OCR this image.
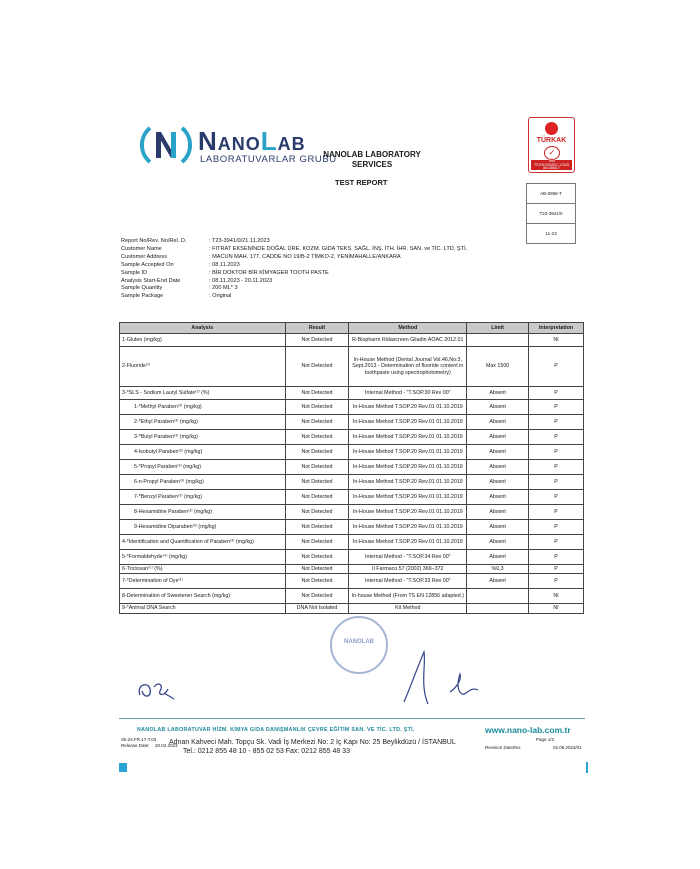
NANOLAB
LABORATUVARLAR GRUBU
NANOLAB LABORATORY
SERVICES
TEST REPORT
TÜRKAK
✓
Test
TS EN ISO/IEC 17025
AB-0866-T
AB-0866-T
T23-3941/0
11-23
Report No/Rev. No/Rel. D.	: T23-3941/0/21.11.2023
Customer Name	: FITRAT EKSENİNDE DOĞAL ÜRE. KOZM. GIDA TEKS. SAĞL. İNŞ. İTH. İHR. SAN. ve TİC. LTD. ŞTİ.
Customer Address	: MACUN MAH. 177. CADDE NO 19/B-2 TİMKO-2, YENİMAHALLE/ANKARA
Sample Accepted On	: 08.11.2023
Sample ID	: BİR DOKTOR BİR KİMYAGER TOOTH PASTE
Analysis Start-End Date	: 08.11.2023 - 20.11.2023
Sample Quantity	: 200 ML* 3
Sample Package	: Original
Analysis	Result	Method	Limit	Interpretation
1-Gluten (mg/kg)	Not Detected	R-Biopharm Ridascreen Gliadin AOAC 2012.01		NI
2-Fluoride⁽¹⁾	Not Detected	In-House Method (Dental Journal Vol.46,No:3, Sept.2013 - Determination of fluoride content in toothpaste using spectrophotometry)	Max 1500	P
3-*SLS - Sodium Lauryl Sulfate⁽²⁾ (%)	Not Detected	Internal Method - "T.SOP.30 Rev 00"	Absent	P
1-*Methyl Paraben⁽³⁾ (mg/kg)	Not Detected	In-House Method T.SOP.20 Rev.01 01.10.2019	Absent	P
2-*Ethyl Paraben⁽³⁾ (mg/kg)	Not Detected	In-House Method T.SOP.20 Rev.01 01.10.2019	Absent	P
3-*Butyl Paraben⁽³⁾ (mg/kg)	Not Detected	In-House Method T.SOP.20 Rev.01 01.10.2019	Absent	P
4-Isobutyl Paraben⁽³⁾ (mg/kg)	Not Detected	In-House Method T.SOP.20 Rev.01 01.10.2019	Absent	P
5-*Propyl Paraben⁽³⁾ (mg/kg)	Not Detected	In-House Method T.SOP.20 Rev.01 01.10.2019	Absent	P
6-n-Propyl Paraben⁽³⁾ (mg/kg)	Not Detected	In-House Method T.SOP.20 Rev.01 01.10.2019	Absent	P
7-*Benzyl Paraben⁽³⁾ (mg/kg)	Not Detected	In-House Method T.SOP.20 Rev.01 01.10.2019	Absent	P
8-Hexamidine Paraben⁽³⁾ (mg/kg)	Not Detected	In-House Method T.SOP.20 Rev.01 01.10.2019	Absent	P
9-Hexamidine Diparaben⁽³⁾ (mg/kg)	Not Detected	In-House Method T.SOP.20 Rev.01 01.10.2019	Absent	P
4-*Identification and Quantification of Paraben⁽³⁾ (mg/kg)	Not Detected	In-House Method T.SOP.20 Rev.01 01.10.2019	Absent	P
5-*Formaldehyde⁽⁴⁾ (mg/kg)	Not Detected	Internal Method - "T.SOP.34 Rev 00"	Absent	P
6-Triclosan⁽⁵⁾ (%)	Not Detected	Il Farmaco 57 (2002) 369–372	%0,3	P
7-*Determination of Dye⁽¹⁾	Not Detected	Internal Method - "T.SOP.33 Rev 00"	Absent	P
8-Determination of Sweetener Search (mg/kg)	Not Detected	In-house Method (From TS EN 12856 adapted.)		NI
9-*Animal DNA Search	DNA Not Isolated	Kit Method		NI
NANOLAB
NANOLAB LABORATUVAR HİZM. KİMYA GIDA DANIŞMANLIK ÇEVRE EĞİTİM SAN. VE TİC. LTD. ŞTİ.	www.nano-lab.com.tr
Sk-24.FR.17-T.03
Release Date:	20.04.2023
Adnan Kahveci Mah. Topçu Sk. Vadi İş Merkezi No: 2 İç Kapı No: 25 Beylikdüzü / İSTANBUL
Tel.: 0212 855 48 10 - 855 02 53 Fax: 0212 855 48 33
Page 1/2
Revision Date/No:	02.06.2023/01
